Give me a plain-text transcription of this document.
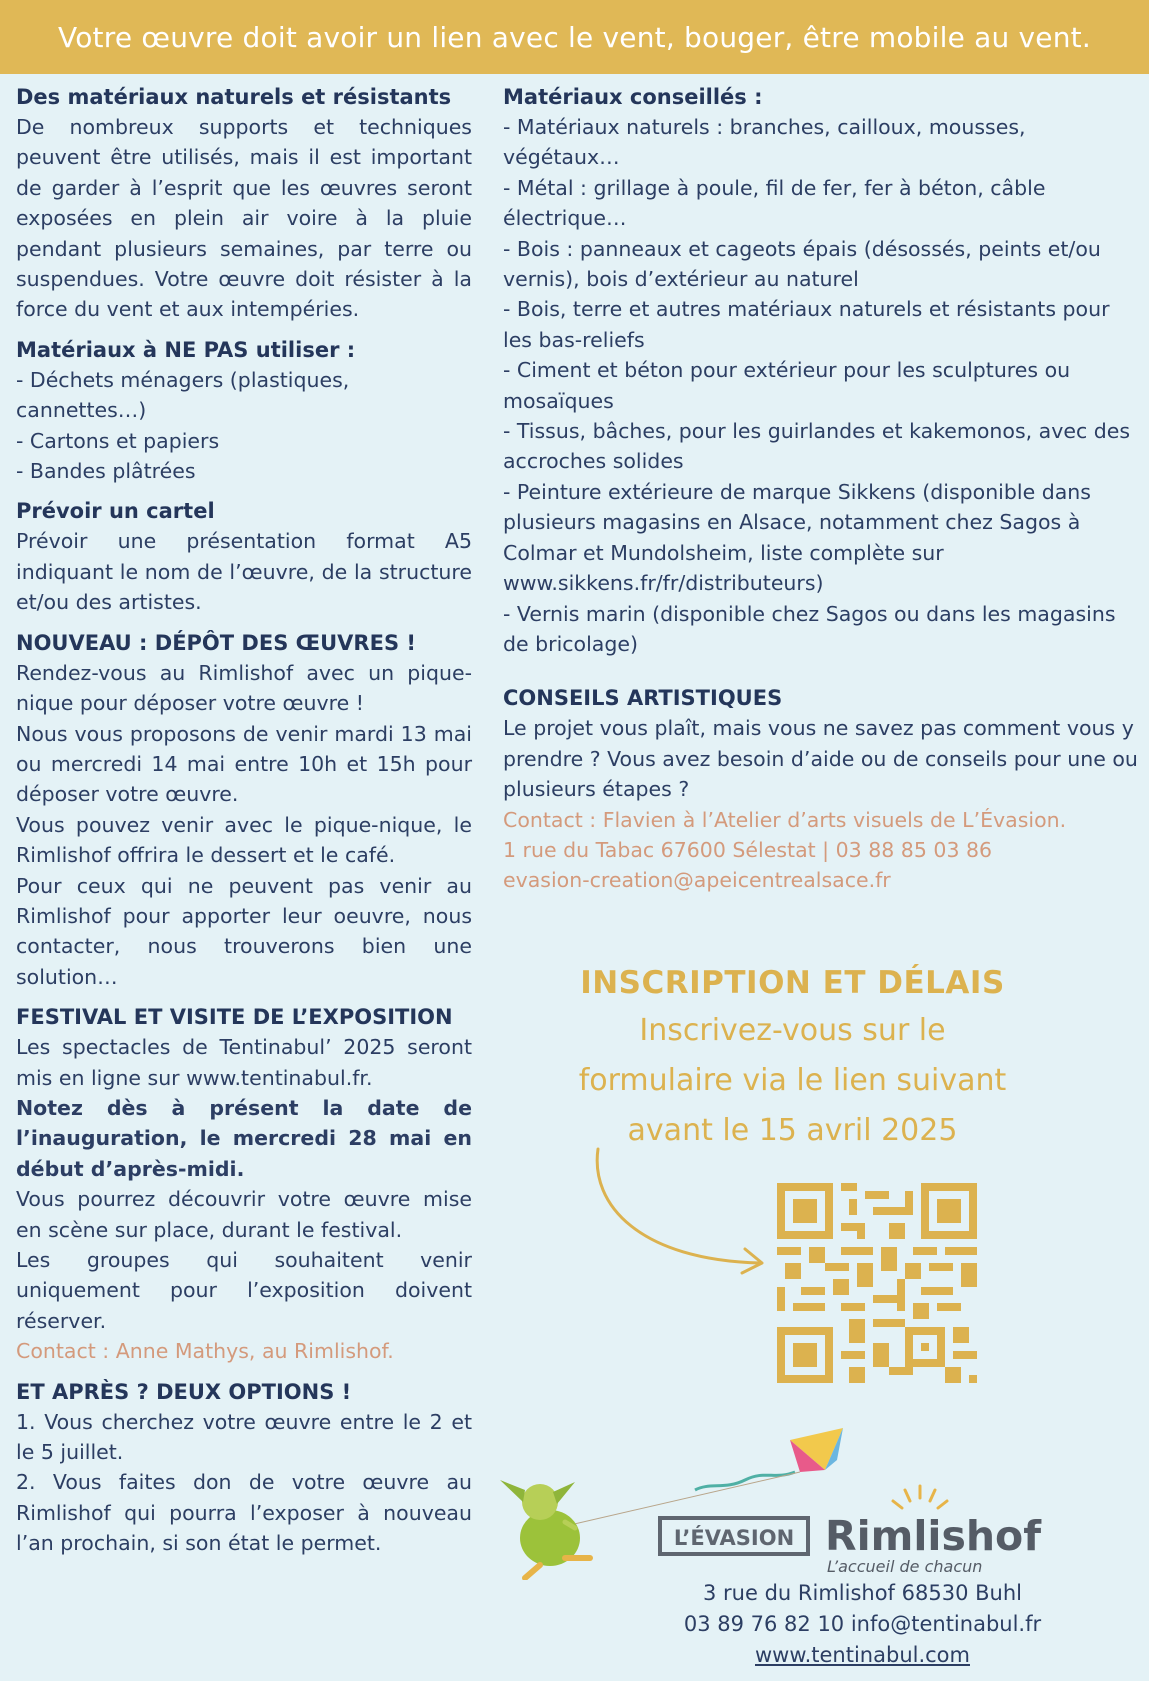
Votre œuvre doit avoir un lien avec le vent, bouger, être mobile au vent.
Des matériaux naturels et résistants

De nombreux supports et techniques peuvent être utilisés, mais il est important de garder à l’esprit que les œuvres seront exposées en plein air voire à la pluie pendant plusieurs semaines, par terre ou suspendues. Votre œuvre doit résister à la force du vent et aux intempéries.

Matériaux à NE PAS utiliser :

- Déchets ménagers (plastiques, cannettes…)

- Cartons et papiers

- Bandes plâtrées

Prévoir un cartel

Prévoir une présentation format A5 indiquant le nom de l’œuvre, de la structure et/ou des artistes.

NOUVEAU : DÉPÔT DES ŒUVRES !

Rendez-vous au Rimlishof avec un pique-nique pour déposer votre œuvre !

Nous vous proposons de venir mardi 13 mai ou mercredi 14 mai entre 10h et 15h pour déposer votre œuvre.

Vous pouvez venir avec le pique-nique, le Rimlishof offrira le dessert et le café.

Pour ceux qui ne peuvent pas venir au Rimlishof pour apporter leur oeuvre, nous contacter, nous trouverons bien une solution…

FESTIVAL ET VISITE DE L’EXPOSITION

Les spectacles de Tentinabul’ 2025 seront mis en ligne sur www.tentinabul.fr.

Notez dès à présent la date de l’inauguration, le mercredi 28 mai en début d’après-midi.

Vous pourrez découvrir votre œuvre mise en scène sur place, durant le festival.

Les groupes qui souhaitent venir uniquement pour l’exposition doivent réserver.

Contact : Anne Mathys, au Rimlishof.

ET APRÈS ? DEUX OPTIONS !

1. Vous cherchez votre œuvre entre le 2 et le 5 juillet.

2. Vous faites don de votre œuvre au Rimlishof qui pourra l’exposer à nouveau l’an prochain, si son état le permet.

Matériaux conseillés :

- Matériaux naturels : branches, cailloux, mousses, végétaux…

- Métal : grillage à poule, fil de fer, fer à béton, câble électrique…

- Bois : panneaux et cageots épais (désossés, peints et/ou vernis), bois d’extérieur au naturel

- Bois, terre et autres matériaux naturels et résistants pour les bas-reliefs

- Ciment et béton pour extérieur pour les sculptures ou mosaïques

- Tissus, bâches, pour les guirlandes et kakemonos, avec des accroches solides

- Peinture extérieure de marque Sikkens (disponible dans plusieurs magasins en Alsace, notamment chez Sagos à Colmar et Mundolsheim, liste complète sur www.sikkens.fr/fr/distributeurs)

- Vernis marin (disponible chez Sagos ou dans les magasins de bricolage)

CONSEILS ARTISTIQUES

Le projet vous plaît, mais vous ne savez pas comment vous y prendre ? Vous avez besoin d’aide ou de conseils pour une ou plusieurs étapes ?

Contact : Flavien à l’Atelier d’arts visuels de L’Évasion.

1 rue du Tabac 67600 Sélestat | 03 88 85 03 86

evasion-creation@apeicentrealsace.fr

INSCRIPTION ET DÉLAIS
Inscrivez-vous sur le
formulaire via le lien suivant
avant le 15 avril 2025
L’ÉVASION Rimlishof
L’accueil de chacun
3 rue du Rimlishof 68530 Buhl
03 89 76 82 10 info@tentinabul.fr
www.tentinabul.com
